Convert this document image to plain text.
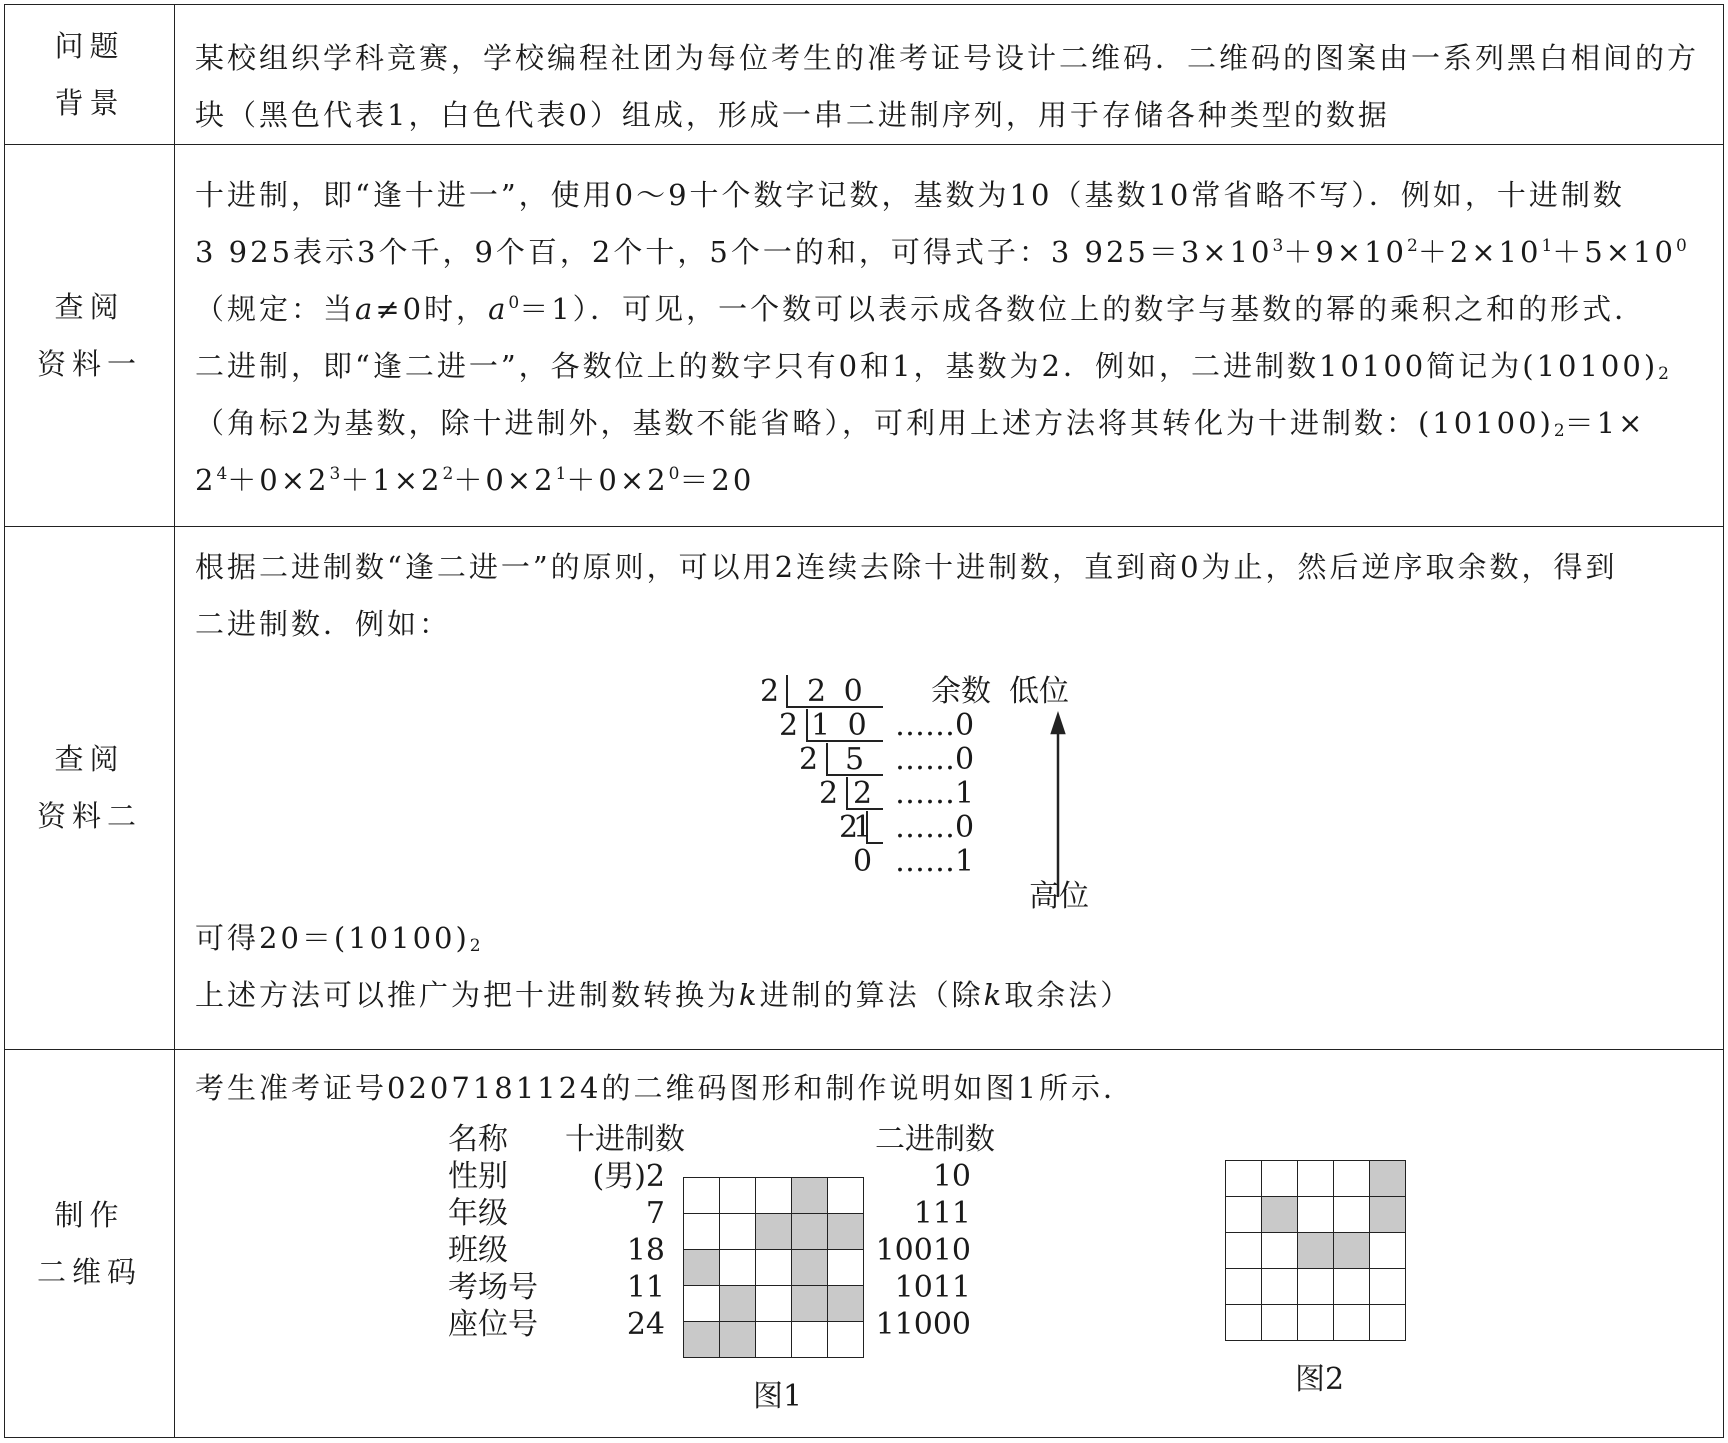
问题
背景

某校组织学科竞赛，学校编程社团为每位考生的准考证号设计二维码．二维码的图案由一系列黑白相间的方块（黑色代表1，白色代表0）组成，形成一串二进制序列，用于存储各种类型的数据

查阅
资料一

十进制，即“逢十进一”，使用0～9十个数字记数，基数为10（基数10常省略不写）．例如，十进制数

3 925表示3个千，9个百，2个十，5个一的和，可得式子：3 $925=3\times 10^3+9\times 10^2+2\times 10^1+5\times 10^0$

（规定：当a≠0时，$a^0=1$）．可见，一个数可以表示成各数位上的数字与基数的幂的乘积之和的形式．

二进制，即“逢二进一”，各数位上的数字只有0和1，基数为2．例如，二进制数10100简记为$(10100)_2$

（角标2为基数，除十进制外，基数不能省略），可利用上述方法将其转化为十进制数：$(10100)_2=1\times$

$2^4+0\times 2^3+1\times 2^2+0\times 2^1+0\times 2^0=20$

查阅
资料二

根据二进制数“逢二进一”的原则，可以用2连续去除十进制数，直到商0为止，然后逆序取余数，得到

二进制数．例如：

2
2
2
2
2
2 0
1 0
5
2
1
0
余数 低位
……0
……0
……1
……0
……1
高位

可得$20=(10100)_2$

上述方法可以推广为把十进制数转换为k进制的算法（除k取余法）

制作
二维码

考生准考证号0207181124的二维码图形和制作说明如图1所示．

名称 十进制数	二进制数
性别	(男)2	10
年级	7	111
班级	18	10010
考场号	11	1011
座位号	24	11000

图1

					图2
